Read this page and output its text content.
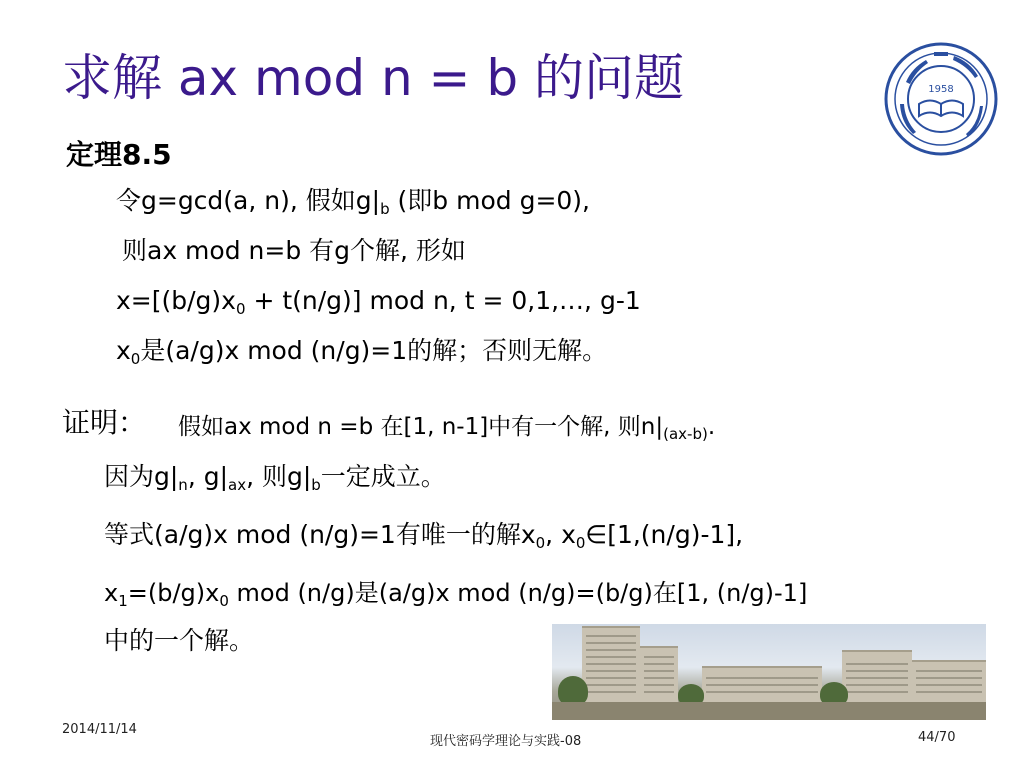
求解 ax mod n = b 的问题	1958
定理8.5
令g=gcd(a, n), 假如$g|_b$ (即b mod g=0),
则ax mod n=b 有g个解, 形如
$x=[(b/g)x_0 + t(n/g)]$ mod n, t = 0,1,…, g-1
$x_0$是(a/g)x mod (n/g)=1的解；否则无解。
证明： 假如ax mod n =b 在[1, n-1]中有一个解, 则$n|_{(ax-b)}$.
因为$g|_n$, $g|_{ax}$, 则$g|_b$一定成立。
等式(a/g)x mod (n/g)=1有唯一的解$x_0$, $x_0\in[1,(n/g)-1]$,
$x_1=(b/g)x_0$ mod (n/g)是(a/g)x mod (n/g)=(b/g)在[1, (n/g)-1]
中的一个解。
2014/11/14
现代密码学理论与实践-08	44/70
